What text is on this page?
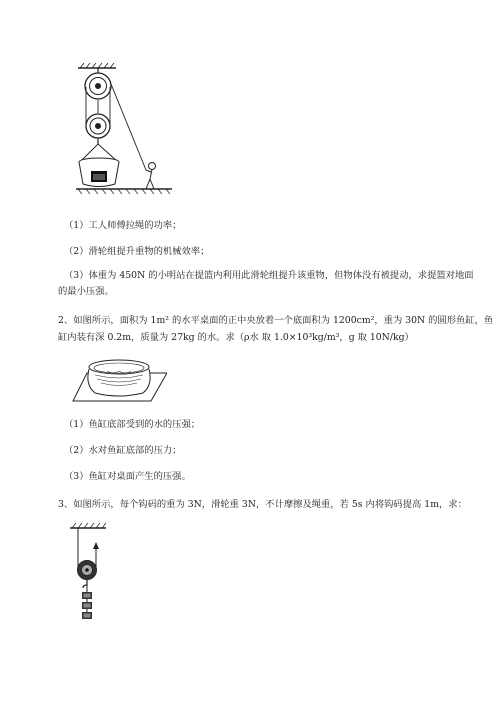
（1）工人师傅拉绳的功率；
（2）滑轮组提升重物的机械效率；
（3）体重为 450N 的小明站在提篮内利用此滑轮组提升该重物，但物体没有被提动，求提篮对地面
的最小压强。
2、如图所示，面积为 1m² 的水平桌面的正中央放着一个底面积为 1200cm²，重为 30N 的圆形鱼缸，鱼
缸内装有深 0.2m，质量为 27kg 的水。求（ρ水 取 1.0×10³kg/m³，g 取 10N/kg）
（1）鱼缸底部受到的水的压强；
（2）水对鱼缸底部的压力；
（3）鱼缸对桌面产生的压强。
3、如图所示，每个钩码的重为 3N，滑轮重 3N，不计摩擦及绳重，若 5s 内将钩码提高 1m，求：
